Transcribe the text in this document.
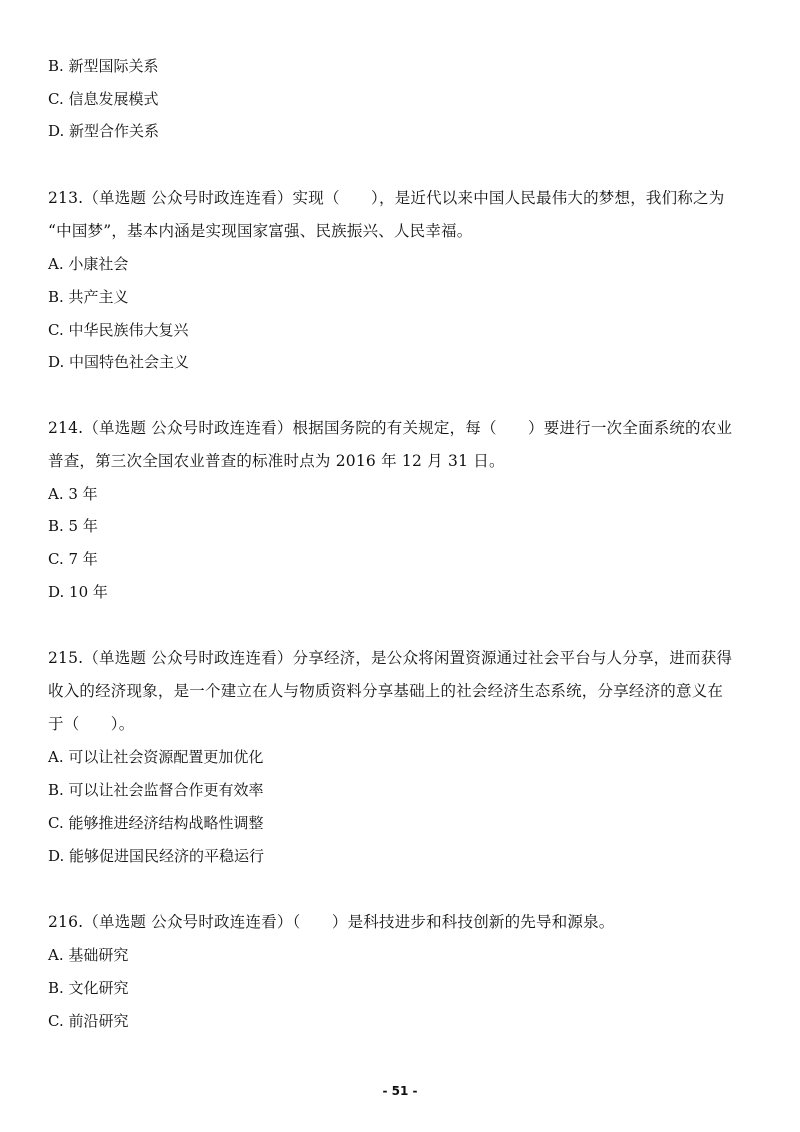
B. 新型国际关系
C. 信息发展模式
D. 新型合作关系
213.（单选题 公众号时政连连看）实现（　　），是近代以来中国人民最伟大的梦想，我们称之为
“中国梦”，基本内涵是实现国家富强、民族振兴、人民幸福。
A. 小康社会
B. 共产主义
C. 中华民族伟大复兴
D. 中国特色社会主义
214.（单选题 公众号时政连连看）根据国务院的有关规定，每（　　）要进行一次全面系统的农业
普查，第三次全国农业普查的标准时点为 2016 年 12 月 31 日。
A. 3 年
B. 5 年
C. 7 年
D. 10 年
215.（单选题 公众号时政连连看）分享经济，是公众将闲置资源通过社会平台与人分享，进而获得
收入的经济现象，是一个建立在人与物质资料分享基础上的社会经济生态系统，分享经济的意义在
于（　　）。
A. 可以让社会资源配置更加优化
B. 可以让社会监督合作更有效率
C. 能够推进经济结构战略性调整
D. 能够促进国民经济的平稳运行
216.（单选题 公众号时政连连看）（　　）是科技进步和科技创新的先导和源泉。
A. 基础研究
B. 文化研究
C. 前沿研究
- 51 -
